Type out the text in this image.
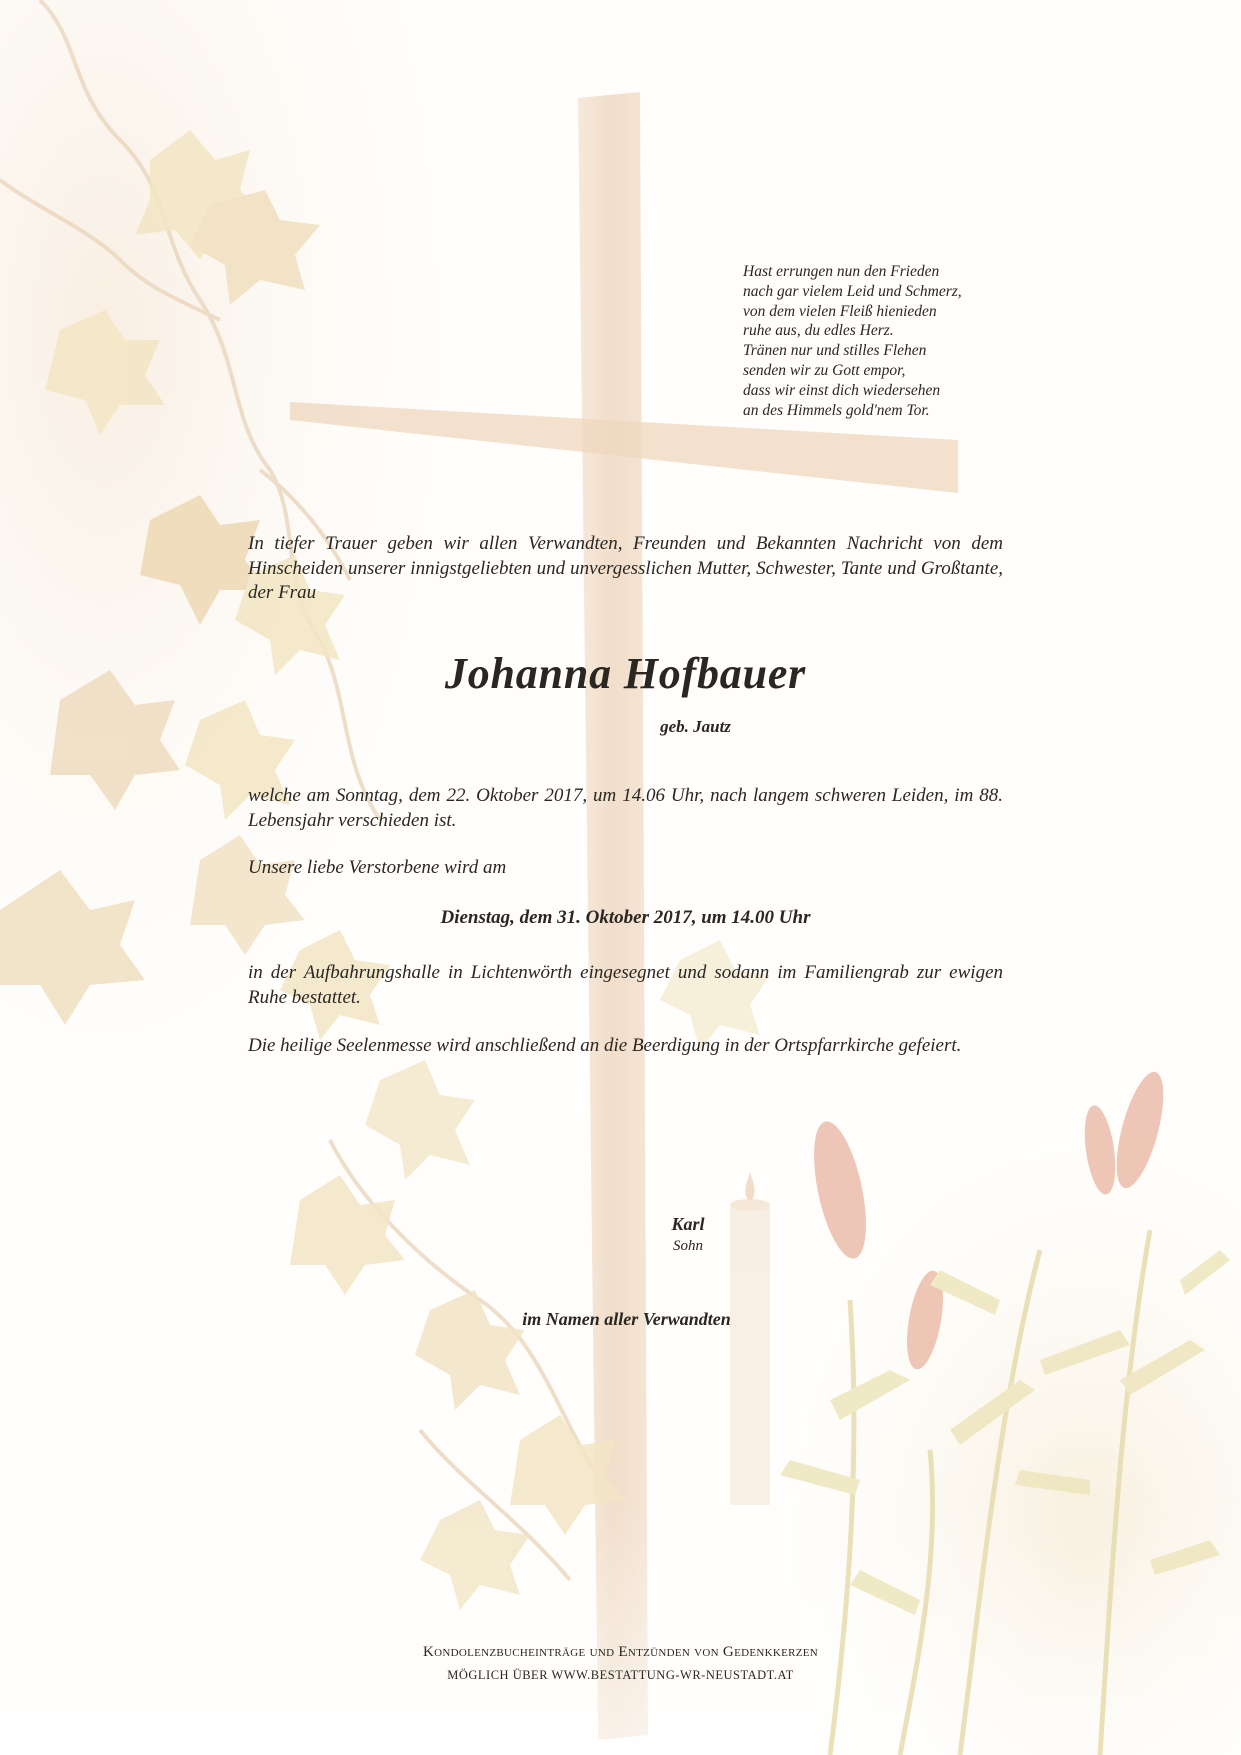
Hast errungen nun den Frieden
nach gar vielem Leid und Schmerz,
von dem vielen Fleiß hienieden
ruhe aus, du edles Herz.
Tränen nur und stilles Flehen
senden wir zu Gott empor,
dass wir einst dich wiedersehen
an des Himmels gold'nem Tor.
In tiefer Trauer geben wir allen Verwandten, Freunden und Bekannten Nachricht von dem Hinscheiden unserer innigstgeliebten und unvergesslichen Mutter, Schwester, Tante und Großtante, der Frau
Johanna Hofbauer
geb. Jautz
welche am Sonntag, dem 22. Oktober 2017, um 14.06 Uhr, nach langem schweren Leiden, im 88. Lebensjahr verschieden ist.
Unsere liebe Verstorbene wird am
Dienstag, dem 31. Oktober 2017, um 14.00 Uhr
in der Aufbahrungshalle in Lichtenwörth eingesegnet und sodann im Familiengrab zur ewigen Ruhe bestattet.
Die heilige Seelenmesse wird anschließend an die Beerdigung in der Ortspfarrkirche gefeiert.
Karl
Sohn
im Namen aller Verwandten
Kondolenzbucheinträge und Entzünden von Gedenkkerzen
MÖGLICH ÜBER WWW.BESTATTUNG-WR-NEUSTADT.AT
